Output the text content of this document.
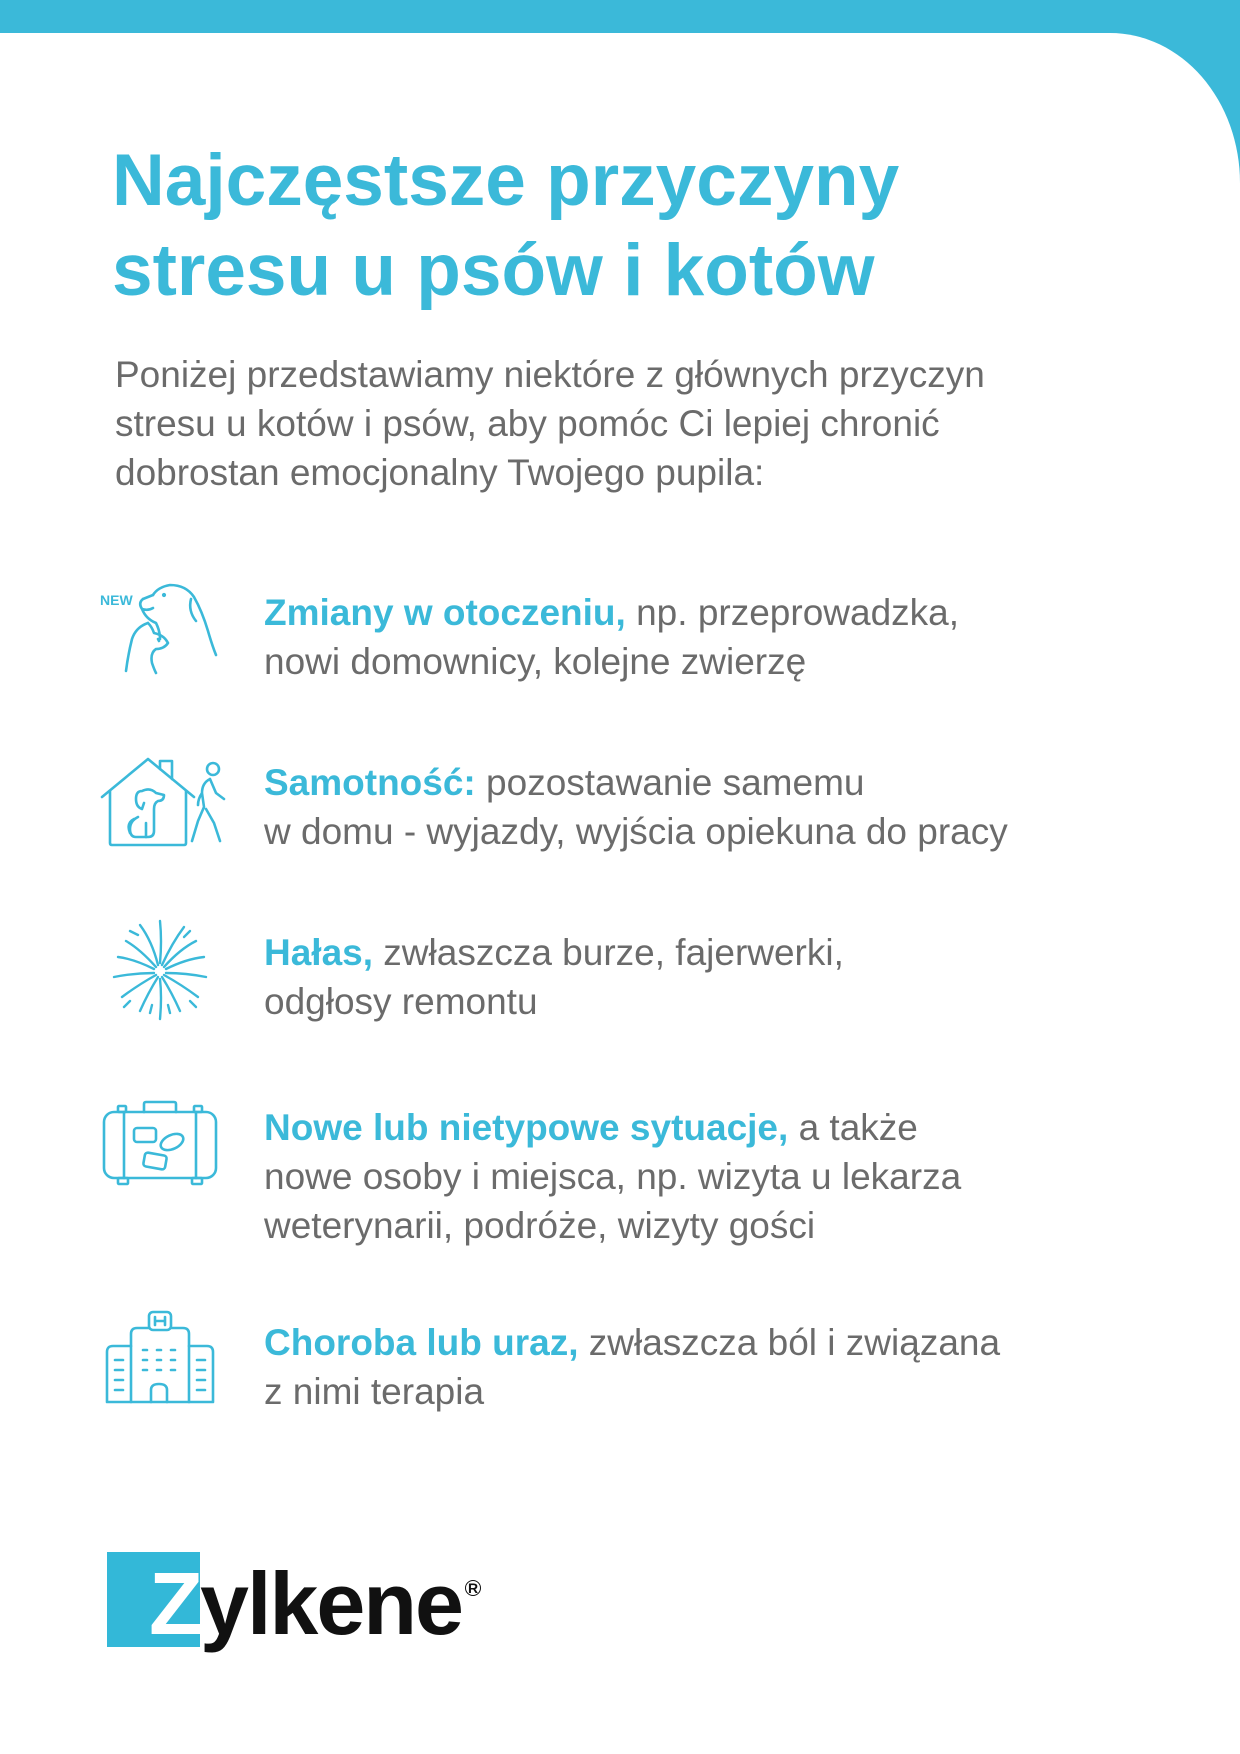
Najczęstsze przyczyny
stresu u psów i kotów

Poniżej przedstawiamy niektóre z głównych przyczyn
stresu u kotów i psów, aby pomóc Ci lepiej chronić
dobrostan emocjonalny Twojego pupila:

NEW	Zmiany w otoczeniu, np. przeprowadzka,
nowi domownicy, kolejne zwierzę
Samotność: pozostawanie samemu
w domu - wyjazdy, wyjścia opiekuna do pracy
Hałas, zwłaszcza burze, fajerwerki,
odgłosy remontu
Nowe lub nietypowe sytuacje, a także
nowe osoby i miejsca, np. wizyta u lekarza
weterynarii, podróże, wizyty gości
Choroba lub uraz, zwłaszcza ból i związana
z nimi terapia
Z
ylkene R
